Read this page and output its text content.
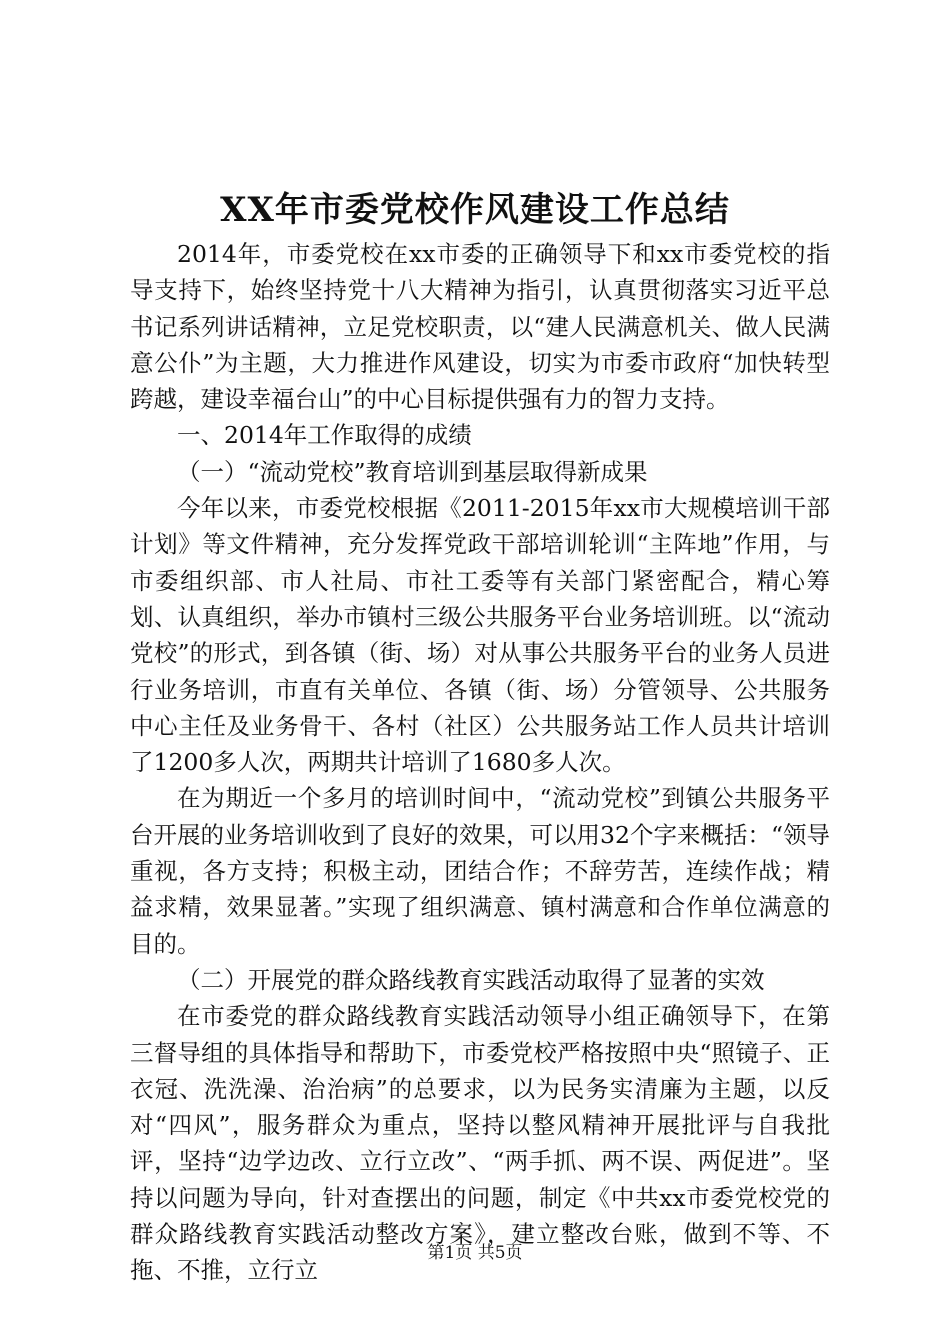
XX年市委党校作风建设工作总结

2014年，市委党校在xx市委的正确领导下和xx市委党校的指导支持下，始终坚持党十八大精神为指引，认真贯彻落实习近平总书记系列讲话精神，立足党校职责，以“建人民满意机关、做人民满意公仆”为主题，大力推进作风建设，切实为市委市政府“加快转型跨越，建设幸福台山”的中心目标提供强有力的智力支持。

一、2014年工作取得的成绩

（一）“流动党校”教育培训到基层取得新成果

今年以来，市委党校根据《2011-2015年xx市大规模培训干部计划》等文件精神，充分发挥党政干部培训轮训“主阵地”作用，与市委组织部、市人社局、市社工委等有关部门紧密配合，精心筹划、认真组织，举办市镇村三级公共服务平台业务培训班。以“流动党校”的形式，到各镇（街、场）对从事公共服务平台的业务人员进行业务培训，市直有关单位、各镇（街、场）分管领导、公共服务中心主任及业务骨干、各村（社区）公共服务站工作人员共计培训了1200多人次，两期共计培训了1680多人次。

在为期近一个多月的培训时间中，“流动党校”到镇公共服务平台开展的业务培训收到了良好的效果，可以用32个字来概括：“领导重视，各方支持；积极主动，团结合作；不辞劳苦，连续作战；精益求精，效果显著。”实现了组织满意、镇村满意和合作单位满意的目的。

（二）开展党的群众路线教育实践活动取得了显著的实效

在市委党的群众路线教育实践活动领导小组正确领导下，在第三督导组的具体指导和帮助下，市委党校严格按照中央“照镜子、正衣冠、洗洗澡、治治病”的总要求，以为民务实清廉为主题，以反对“四风”，服务群众为重点，坚持以整风精神开展批评与自我批评，坚持“边学边改、立行立改”、“两手抓、两不误、两促进”。坚持以问题为导向，针对查摆出的问题，制定《中共xx市委党校党的群众路线教育实践活动整改方案》，建立整改台账，做到不等、不拖、不推，立行立

第1页 共5页
